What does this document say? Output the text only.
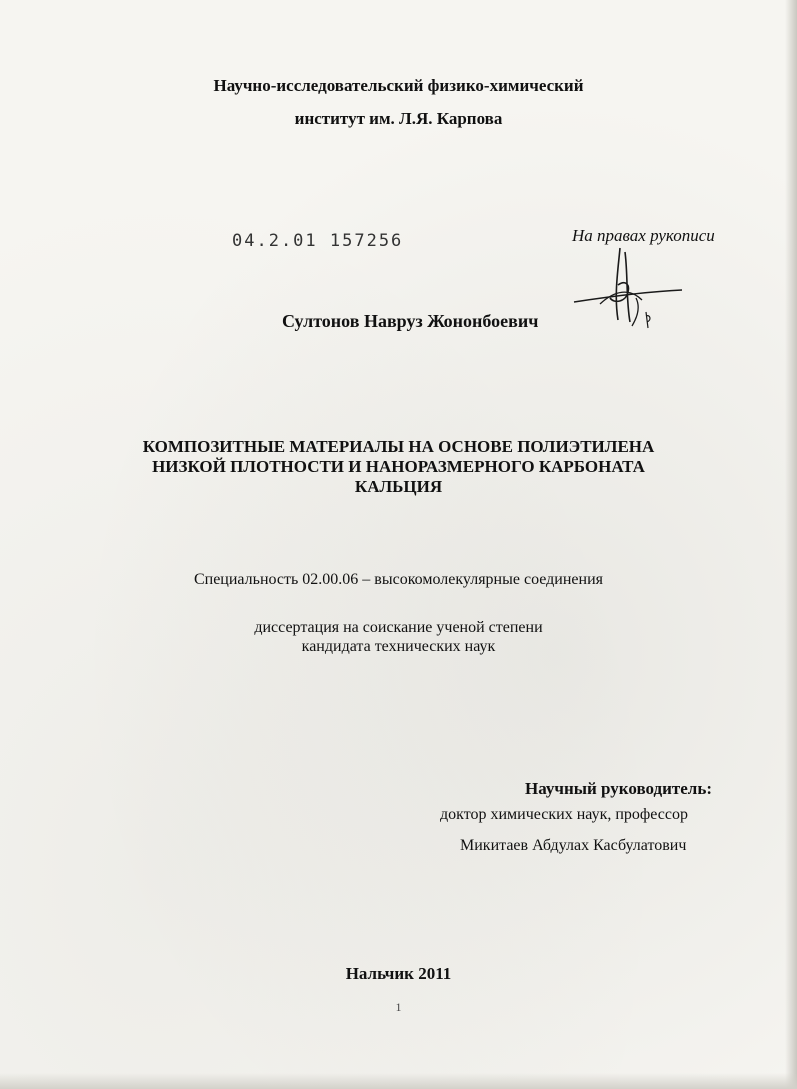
Научно-исследовательский физико-химический
институт им. Л.Я. Карпова
04.2.01 157256	На правах рукописи
Султонов Навруз Жононбоевич
КОМПОЗИТНЫЕ МАТЕРИАЛЫ НА ОСНОВЕ ПОЛИЭТИЛЕНА
НИЗКОЙ ПЛОТНОСТИ И НАНОРАЗМЕРНОГО КАРБОНАТА
КАЛЬЦИЯ
Специальность 02.00.06 – высокомолекулярные соединения
диссертация на соискание ученой степени
кандидата технических наук
Научный руководитель:
доктор химических наук, профессор
Микитаев Абдулах Касбулатович
Нальчик 2011
1
